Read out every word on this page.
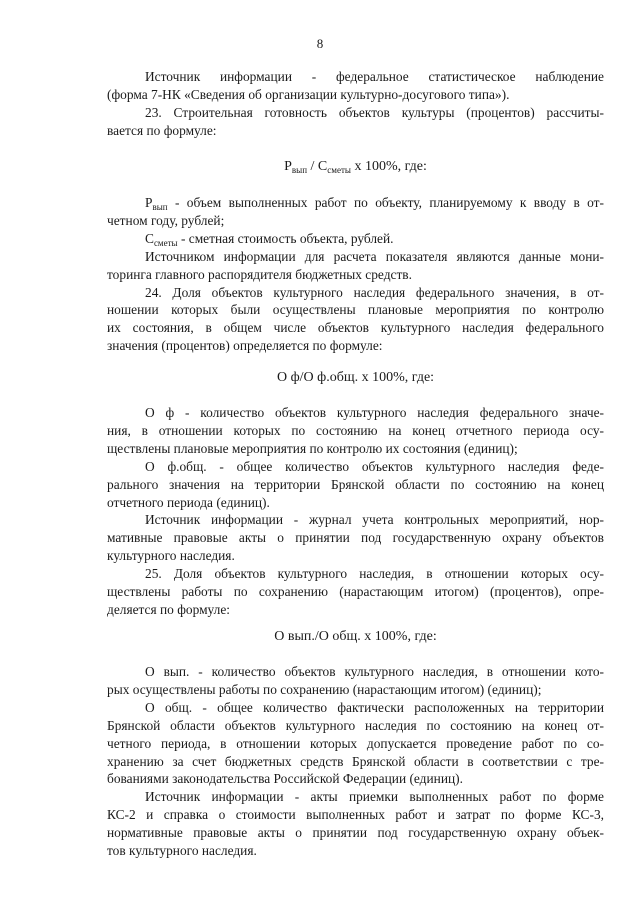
8

Источник информации - федеральное статистическое наблюдение

(форма 7-НК «Сведения об организации культурно-досугового типа»).

23. Строительная готовность объектов культуры (процентов) рассчиты-

вается по формуле:

$Р_{вып} / С_{сметы}$ х 100%, где:

$Р_{вып}$ - объем выполненных работ по объекту, планируемому к вводу в от-

четном году, рублей;

$С_{сметы}$ - сметная стоимость объекта, рублей.

Источником информации для расчета показателя являются данные мони-

торинга главного распорядителя бюджетных средств.

24. Доля объектов культурного наследия федерального значения, в от-

ношении которых были осуществлены плановые мероприятия по контролю

их состояния, в общем числе объектов культурного наследия федерального

значения (процентов) определяется по формуле:

О ф/О ф.общ. х 100%, где:

О ф - количество объектов культурного наследия федерального значе-

ния, в отношении которых по состоянию на конец отчетного периода осу-

ществлены плановые мероприятия по контролю их состояния (единиц);

О ф.общ. - общее количество объектов культурного наследия феде-

рального значения на территории Брянской области по состоянию на конец

отчетного периода (единиц).

Источник информации - журнал учета контрольных мероприятий, нор-

мативные правовые акты о принятии под государственную охрану объектов

культурного наследия.

25. Доля объектов культурного наследия, в отношении которых осу-

ществлены работы по сохранению (нарастающим итогом) (процентов), опре-

деляется по формуле:

О вып./О общ. х 100%, где:

О вып. - количество объектов культурного наследия, в отношении кото-

рых осуществлены работы по сохранению (нарастающим итогом) (единиц);

О общ. - общее количество фактически расположенных на территории

Брянской области объектов культурного наследия по состоянию на конец от-

четного периода, в отношении которых допускается проведение работ по со-

хранению за счет бюджетных средств Брянской области в соответствии с тре-

бованиями законодательства Российской Федерации (единиц).

Источник информации - акты приемки выполненных работ по форме

КС-2 и справка о стоимости выполненных работ и затрат по форме КС-3,

нормативные правовые акты о принятии под государственную охрану объек-

тов культурного наследия.
